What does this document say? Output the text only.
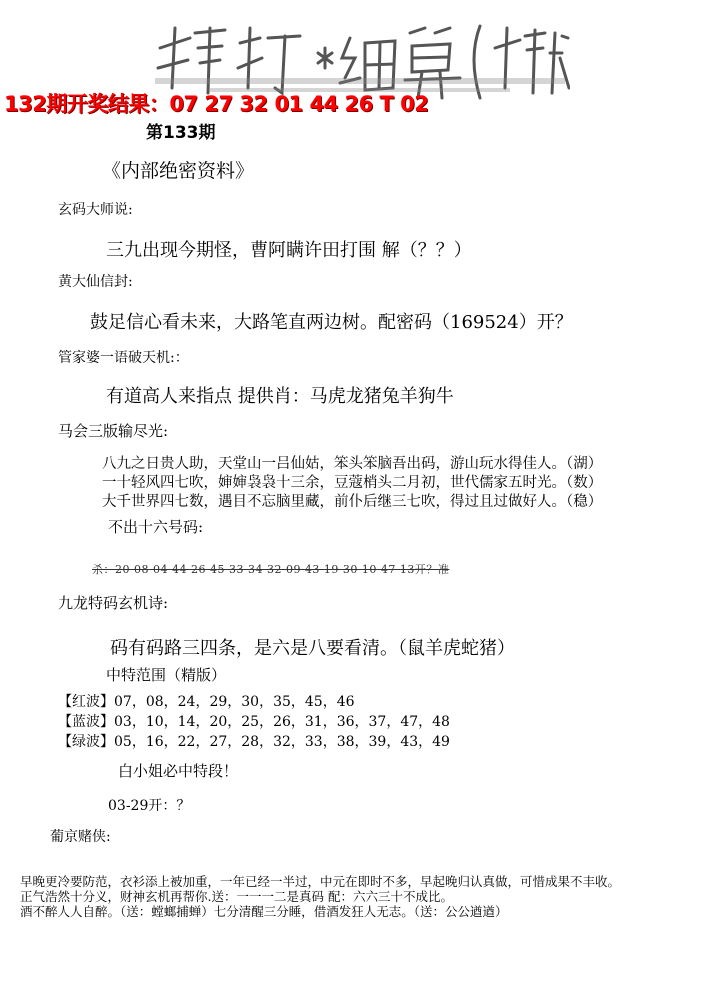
132期开奖结果：07 27 32 01 44 26 T 02
第133期
《内部绝密资料》
玄码大师说:
三九出现今期怪，曹阿瞒许田打围 解（？？）
黄大仙信封:
鼓足信心看未来，大路笔直两边树。配密码（169524）开？
管家婆一语破天机:：
有道高人来指点 提供肖：马虎龙猪兔羊狗牛
马会三版输尽光:
八九之日贵人助，天堂山一吕仙姑，笨头笨脑吾出码，游山玩水得佳人。（湖）
一十轻风四七吹，婶婶袅袅十三余，豆蔻梢头二月初，世代儒家五时光。（数）
大千世界四七数，遇目不忘脑里藏，前仆后继三七吹，得过且过做好人。（稳）
不出十六号码:
杀：20 08 04 44 26 45 33 34 32 09 43 19 30 10 47 13开？准
九龙特码玄机诗:
码有码路三四条，是六是八要看清。（鼠羊虎蛇猪）
中特范围（精版）
【红波】07，08，24，29，30，35，45，46
【蓝波】03，10，14，20，25，26，31，36，37，47，48
【绿波】05，16，22，27，28，32，33，38，39，43，49
白小姐必中特段！
03-29开：？
葡京赌侠:
早晚更冷要防范，衣衫添上被加重，一年已经一半过，中元在即时不多，早起晚归认真做，可惜成果不丰收。
正气浩然十分义，财神玄机再帮你.送：一一一二是真码 配：六六三十不成比。
酒不醉人人自醉。（送：螳螂捕蝉）七分清醒三分睡，借酒发狂人无志。（送：公公遒遒）
